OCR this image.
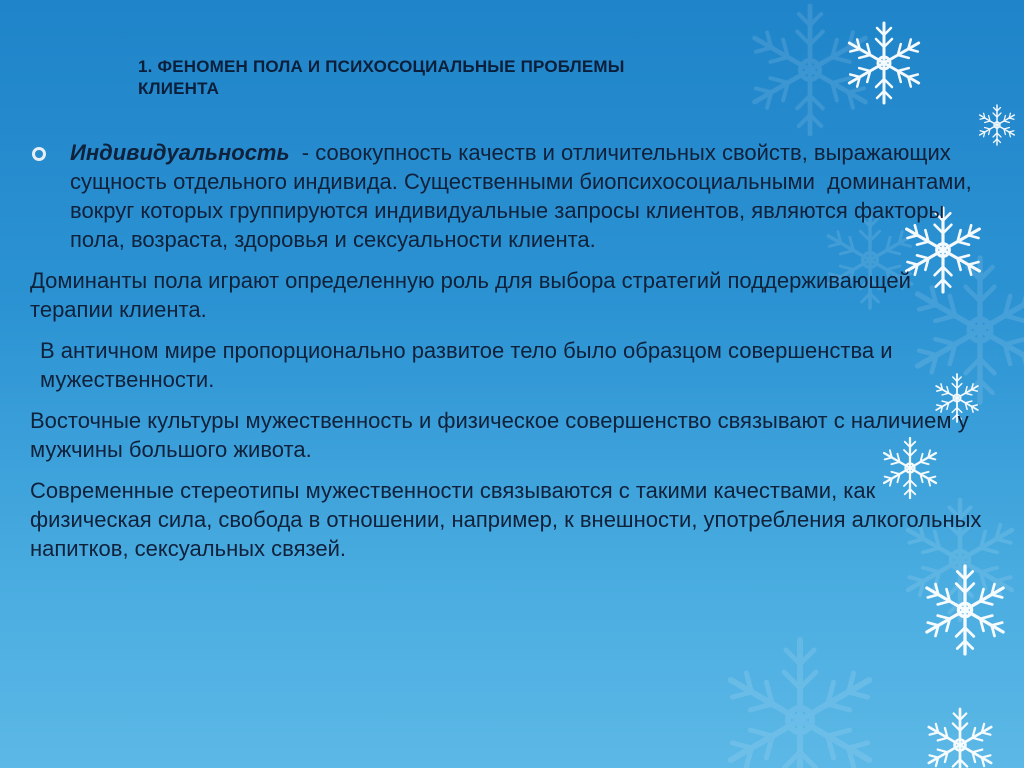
1. ФЕНОМЕН ПОЛА И ПСИХОСОЦИАЛЬНЫЕ ПРОБЛЕМЫ
КЛИЕНТА
Индивидуальность  - совокупность качеств и отличительных свойств, выражающих сущность отдельного индивида. Существенными биопсихосоциальными  доминантами, вокруг которых группируются индивидуальные запросы клиентов, являются факторы пола, возраста, здоровья и сексуальности клиента.
Доминанты пола играют определенную роль для выбора стратегий поддерживающей терапии клиента.
В античном мире пропорционально развитое тело было образцом совершенства и мужественности.
Восточные культуры мужественность и физическое совершенство связывают с наличием у мужчины большого живота.
Современные стереотипы мужественности связываются с такими качествами, как физическая сила, свобода в отношении, например, к внешности, употребления алкогольных напитков, сексуальных связей.
